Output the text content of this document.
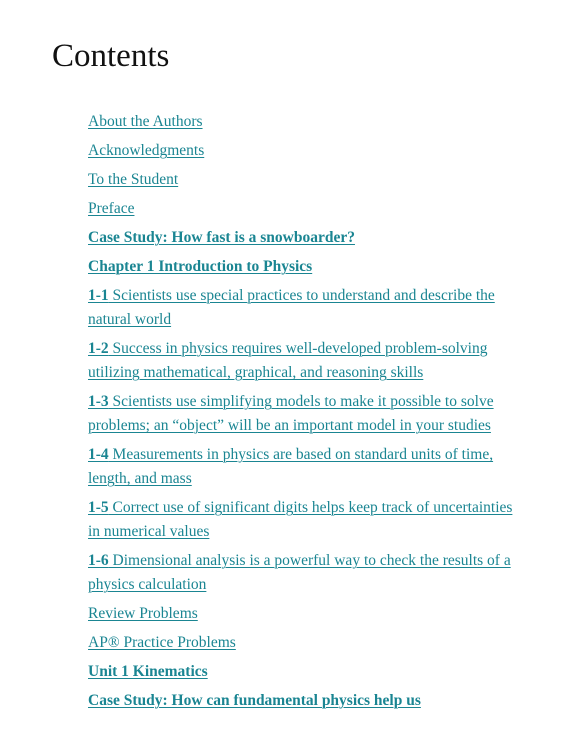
Contents
About the Authors
Acknowledgments
To the Student
Preface
Case Study: How fast is a snowboarder?
Chapter 1 Introduction to Physics
1-1 Scientists use special practices to understand and describe the natural world
1-2 Success in physics requires well-developed problem-solving utilizing mathematical, graphical, and reasoning skills
1-3 Scientists use simplifying models to make it possible to solve problems; an “object” will be an important model in your studies
1-4 Measurements in physics are based on standard units of time, length, and mass
1-5 Correct use of significant digits helps keep track of uncertainties in numerical values
1-6 Dimensional analysis is a powerful way to check the results of a physics calculation
Review Problems
AP® Practice Problems
Unit 1 Kinematics
Case Study: How can fundamental physics help us
